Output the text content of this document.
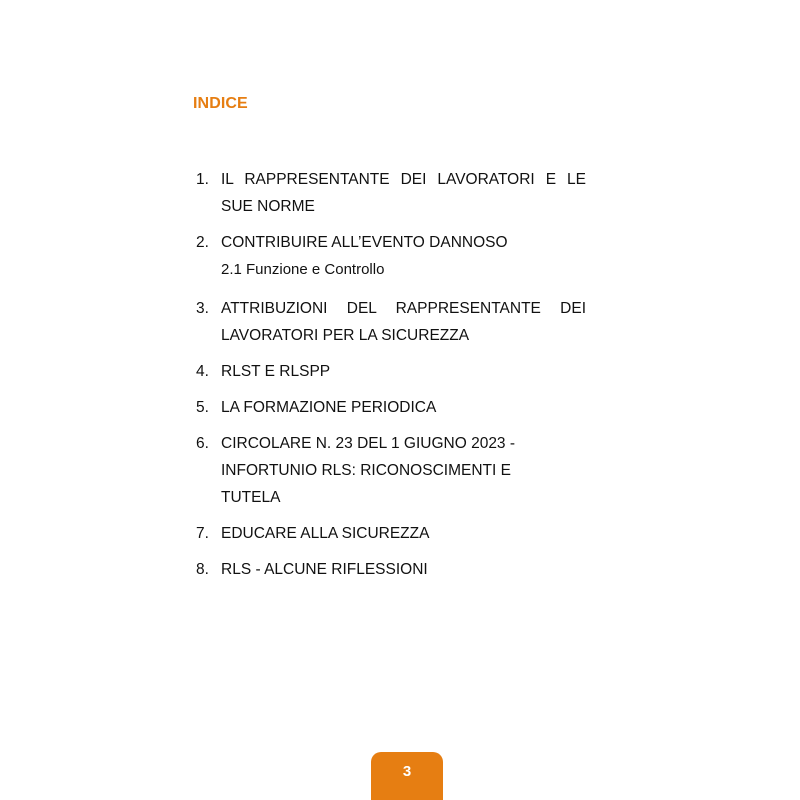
INDICE
1. IL RAPPRESENTANTE DEI LAVORATORI E LE SUE NORME
2. CONTRIBUIRE ALL’EVENTO DANNOSO
2.1 Funzione e Controllo
3. ATTRIBUZIONI DEL RAPPRESENTANTE DEI LAVORATORI PER LA SICUREZZA
4. RLST E RLSPP
5. LA FORMAZIONE PERIODICA
6. CIRCOLARE N. 23 DEL 1 GIUGNO 2023 - INFORTUNIO RLS: RICONOSCIMENTI E TUTELA
7. EDUCARE ALLA SICUREZZA
8. RLS - ALCUNE RIFLESSIONI
3
